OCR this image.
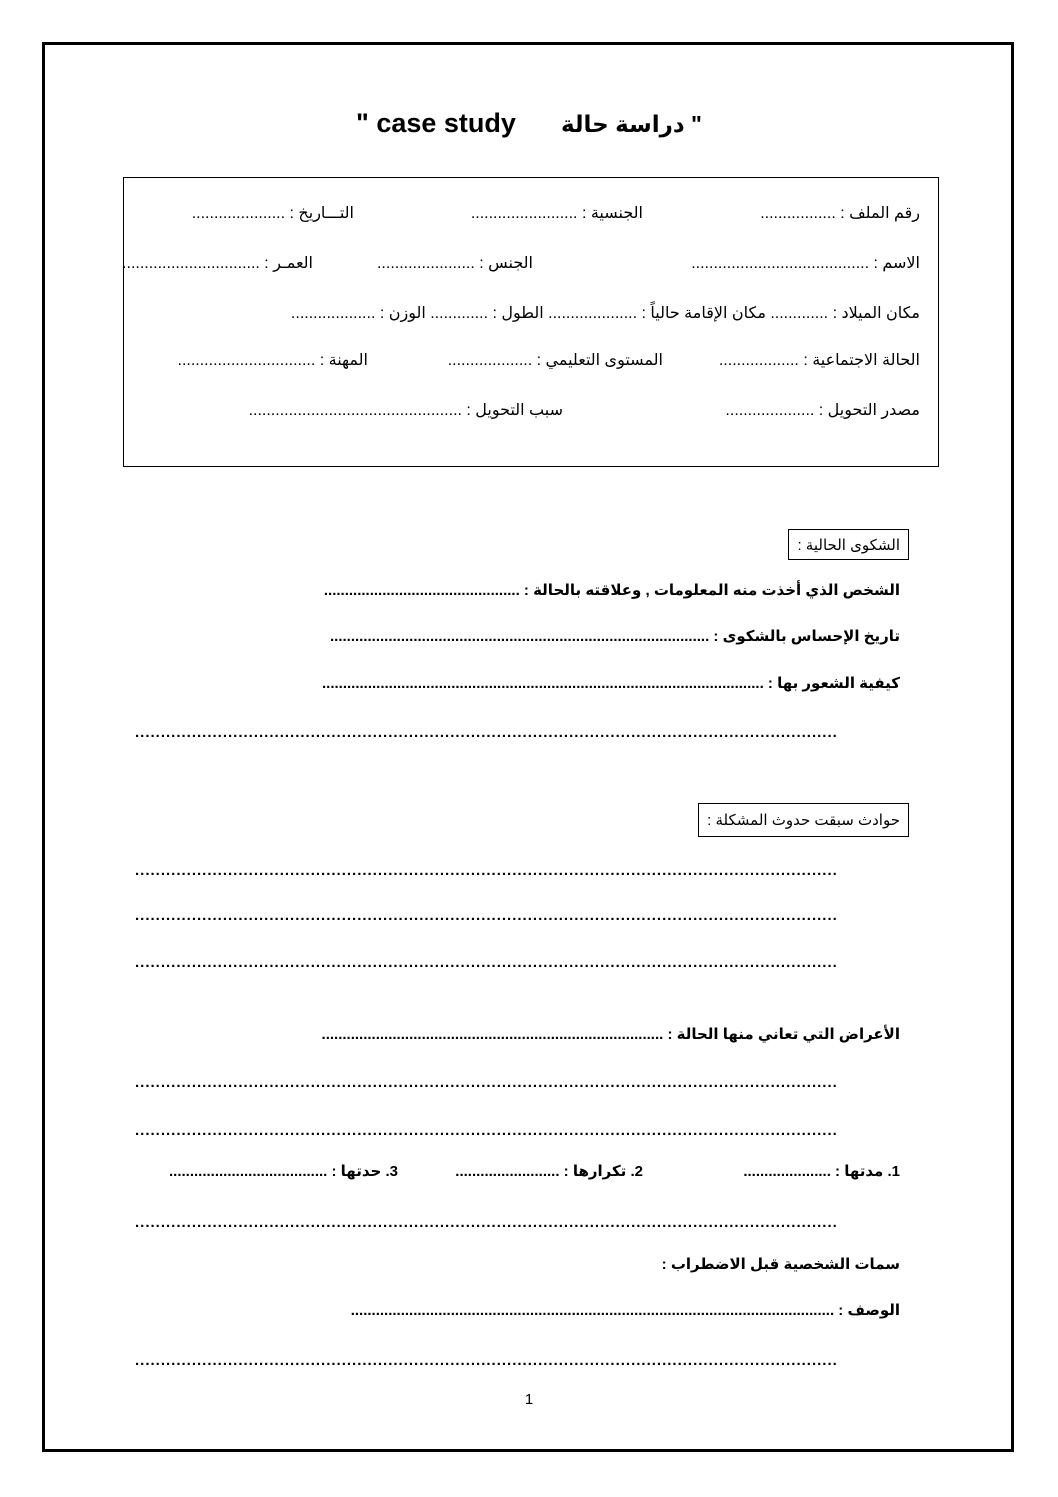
" case study دراسة حالة "
رقم الملف : .................
الجنسية : ........................
التـــاريخ : .....................
الاسم : ........................................
الجنس : ......................
العمـر : ...............................
مكان الميلاد : ............. مكان الإقامة حالياً : .................... الطول : ............. الوزن : ...................
الحالة الاجتماعية : ..................
المستوى التعليمي : ...................
المهنة : ...............................
مصدر التحويل : ....................
سبب التحويل : ................................................
الشكوى الحالية :
الشخص الذي أخذت منه المعلومات , وعلاقته بالحالة : ...............................................
تاريخ الإحساس بالشكوى : ...........................................................................................
كيفية الشعور بها : ..........................................................................................................
........................................................................................................................................
حوادث سبقت حدوث المشكلة :
........................................................................................................................................
........................................................................................................................................
........................................................................................................................................
الأعراض التي تعاني منها الحالة : ..................................................................................
........................................................................................................................................
........................................................................................................................................
1. مدتها : .....................
2. تكرارها : .........................
3. حدتها : ......................................
........................................................................................................................................
سمات الشخصية قبل الاضطراب :
الوصف : ....................................................................................................................
........................................................................................................................................
1
